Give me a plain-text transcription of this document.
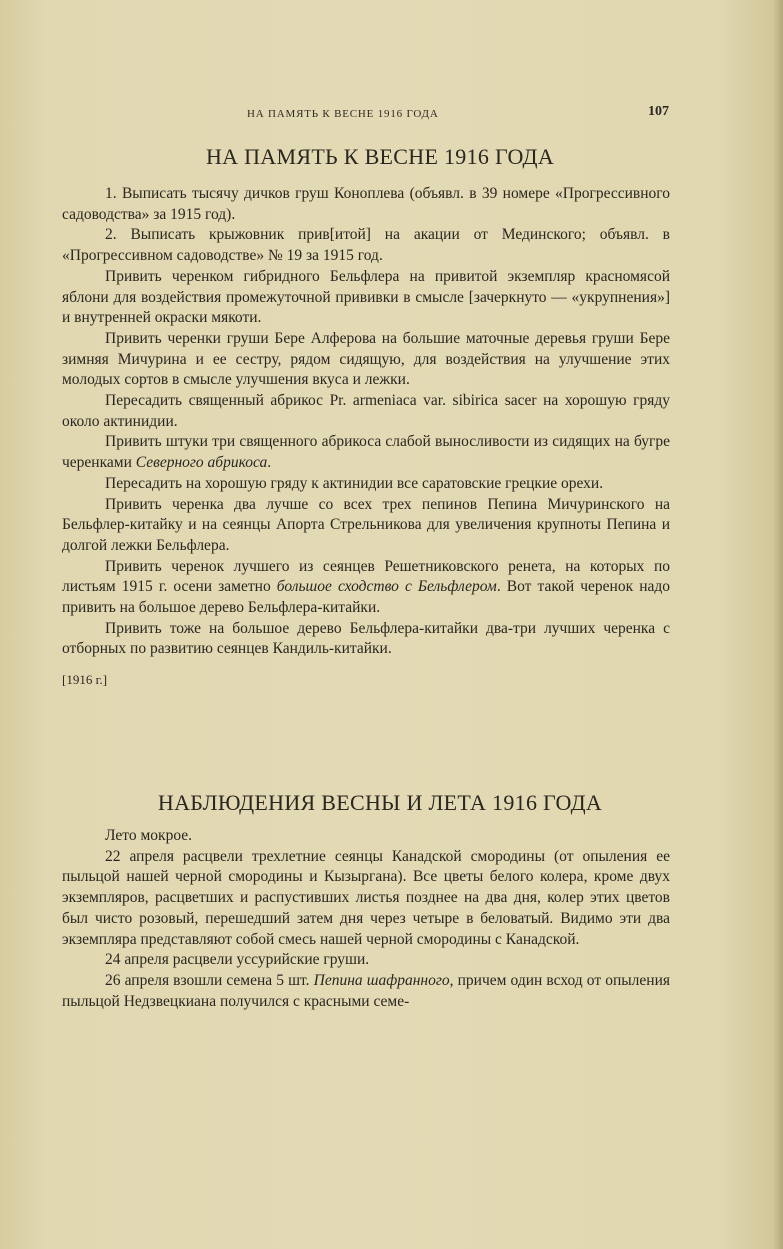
НА ПАМЯТЬ К ВЕСНЕ 1916 ГОДА	107
НА ПАМЯТЬ К ВЕСНЕ 1916 ГОДА

1. Выписать тысячу дичков груш Коноплева (объявл. в 39 номере «Прогрессивного садоводства» за 1915 год).

2. Выписать крыжовник прив[итой] на акации от Мединского; объявл. в «Прогрессивном садоводстве» № 19 за 1915 год.

Привить черенком гибридного Бельфлера на привитой экземпляр красномясой яблони для воздействия промежуточной прививки в смысле [зачеркнуто — «укрупнения»] и внутренней окраски мякоти.

Привить черенки груши Бере Алферова на большие маточные деревья груши Бере зимняя Мичурина и ее сестру, рядом сидящую, для воздействия на улучшение этих молодых сортов в смысле улучшения вкуса и лежки.

Пересадить священный абрикос Pr. armeniaca var. sibirica sacer на хорошую гряду около актинидии.

Привить штуки три священного абрикоса слабой выносливости из сидящих на бугре черенками Северного абрикоса.

Пересадить на хорошую гряду к актинидии все саратовские грецкие орехи.

Привить черенка два лучше со всех трех пепинов Пепина Мичуринского на Бельфлер-китайку и на сеянцы Апорта Стрельникова для увеличения крупноты Пепина и долгой лежки Бельфлера.

Привить черенок лучшего из сеянцев Решетниковского ренета, на которых по листьям 1915 г. осени заметно большое сходство с Бельфлером. Вот такой черенок надо привить на большое дерево Бельфлера-китайки.

Привить тоже на большое дерево Бельфлера-китайки два-три лучших черенка с отборных по развитию сеянцев Кандиль-китайки.

[1916 г.]

НАБЛЮДЕНИЯ ВЕСНЫ И ЛЕТА 1916 ГОДА

Лето мокрое.

22 апреля расцвели трехлетние сеянцы Канадской смородины (от опыления ее пыльцой нашей черной смородины и Кызыргана). Все цветы белого колера, кроме двух экземпляров, расцветших и распустивших листья позднее на два дня, колер этих цветов был чисто розовый, перешедший затем дня через четыре в беловатый. Видимо эти два экземпляра представляют собой смесь нашей черной смородины с Канадской.

24 апреля расцвели уссурийские груши.

26 апреля взошли семена 5 шт. Пепина шафранного, причем один всход от опыления пыльцой Недзвецкиана получился с красными семе-
